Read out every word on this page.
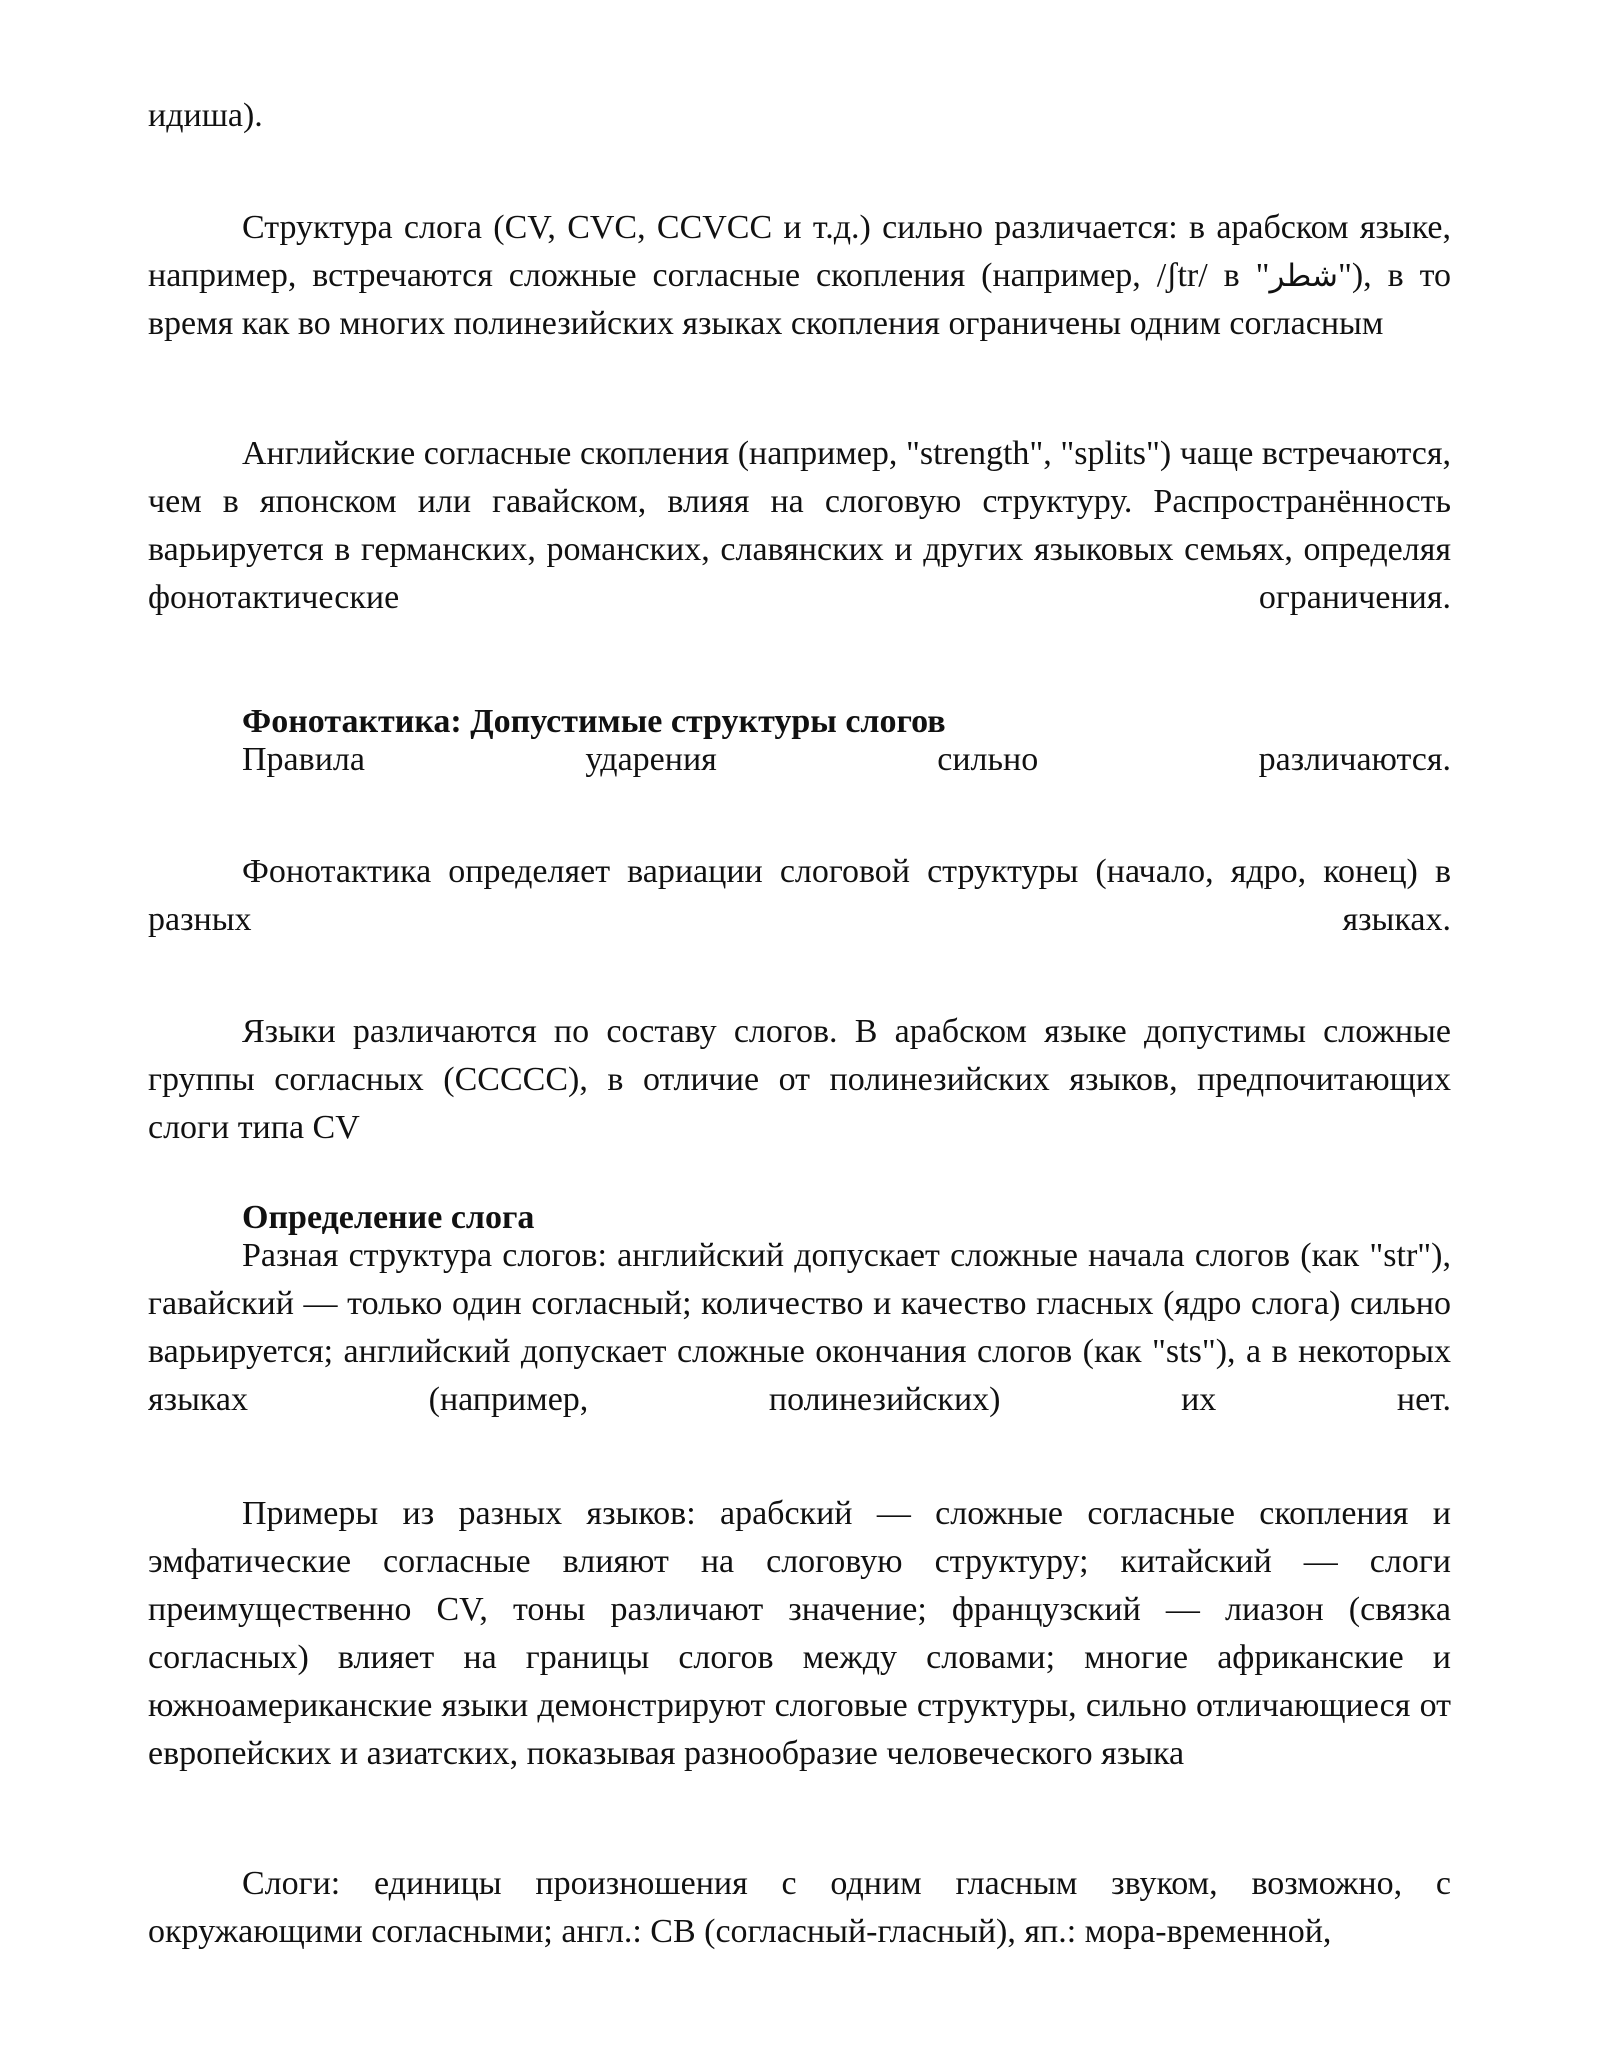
идиша).

Структура слога (CV, CVC, CCVCC и т.д.) сильно различается: в арабском языке, например, встречаются сложные согласные скопления (например, /ʃtr/ в "شطر"), в то время как во многих полинезийских языках скопления ограничены одним согласным

Английские согласные скопления (например, "strength", "splits") чаще встречаются, чем в японском или гавайском, влияя на слоговую структуру. Распространённость варьируется в германских, романских, славянских и других языковых семьях, определяя фонотактические ограничения.

Фонотактика: Допустимые структуры слогов

Правила ударения сильно различаются.

Фонотактика определяет вариации слоговой структуры (начало, ядро, конец) в разных языках.

Языки различаются по составу слогов. В арабском языке допустимы сложные группы согласных (CCCCC), в отличие от полинезийских языков, предпочитающих слоги типа CV

Определение слога

Разная структура слогов: английский допускает сложные начала слогов (как "str"), гавайский — только один согласный; количество и качество гласных (ядро слога) сильно варьируется; английский допускает сложные окончания слогов (как "sts"), а в некоторых языках (например, полинезийских) их нет.

Примеры из разных языков: арабский — сложные согласные скопления и эмфатические согласные влияют на слоговую структуру; китайский — слоги преимущественно CV, тоны различают значение; французский — лиазон (связка согласных) влияет на границы слогов между словами; многие африканские и южноамериканские языки демонстрируют слоговые структуры, сильно отличающиеся от европейских и азиатских, показывая разнообразие человеческого языка

Слоги: единицы произношения с одним гласным звуком, возможно, с окружающими согласными; англ.: CB (согласный-гласный), яп.: мора-временной,
